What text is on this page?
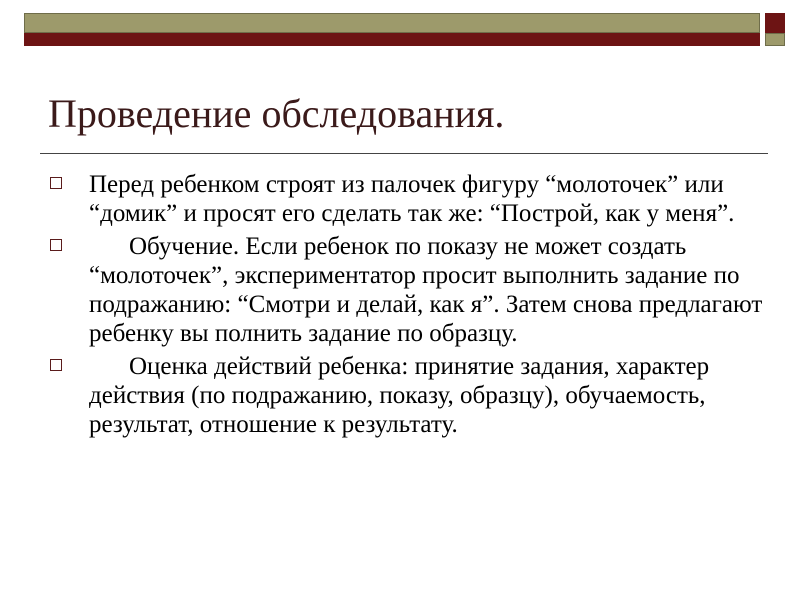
Проведение обследования.
Перед ребенком строят из палочек фигуру “молоточек” или “домик” и просят его сделать так же: “Построй, как у меня”.
Обучение. Если ребенок по показу не может создать “молоточек”, экспериментатор просит выполнить задание по подражанию: “Смотри и делай, как я”. Затем снова предлагают ребенку вы полнить задание по образцу.
Оценка действий ребенка: принятие задания, характер действия (по подражанию, показу, образцу), обучаемость, результат, отношение к результату.
